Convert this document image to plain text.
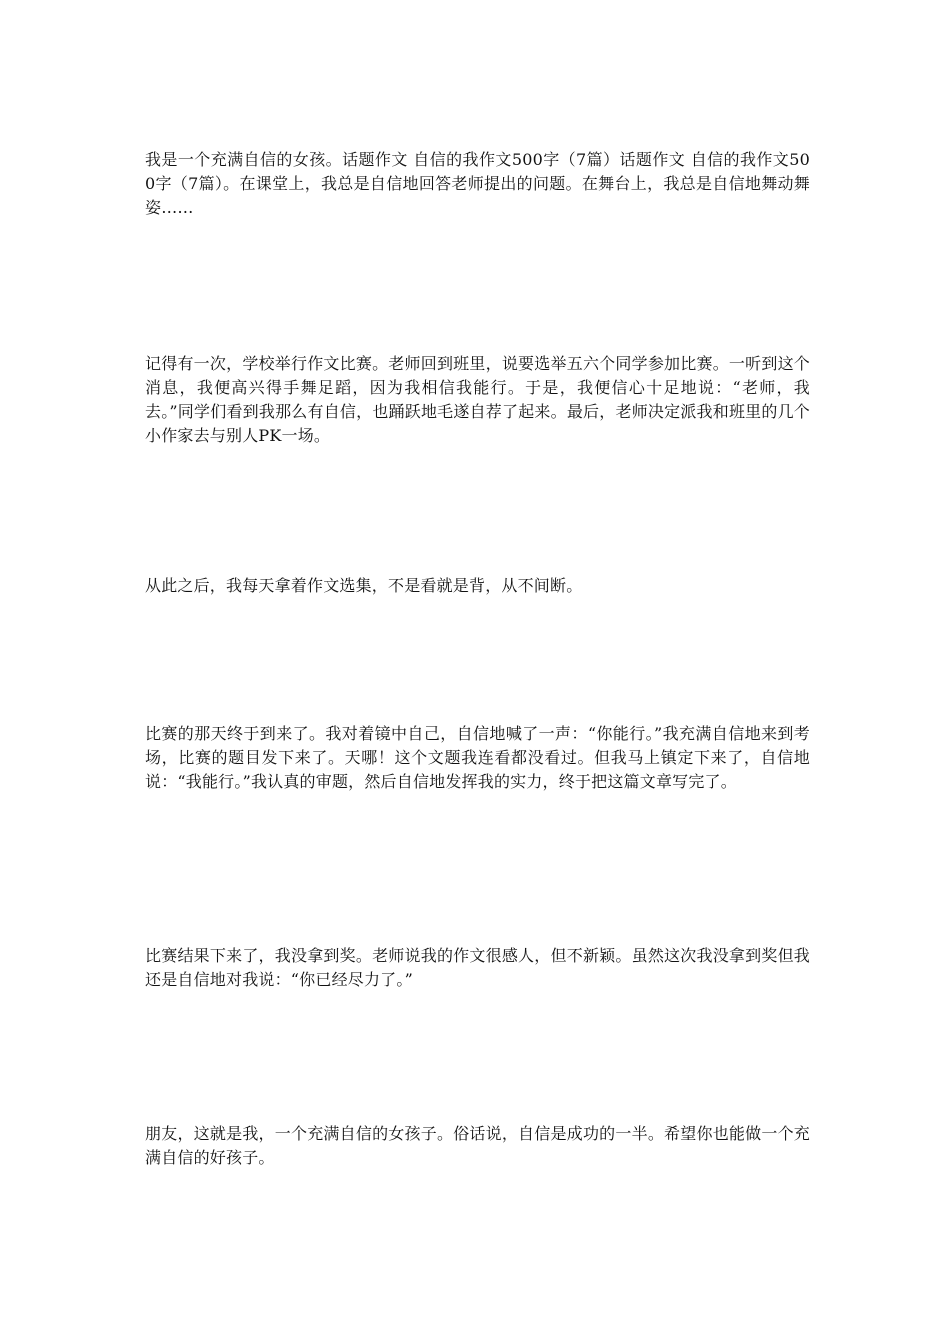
我是一个充满自信的女孩。话题作文 自信的我作文500字（7篇）话题作文 自信的我作文500字（7篇）。在课堂上，我总是自信地回答老师提出的问题。在舞台上，我总是自信地舞动舞姿……

记得有一次，学校举行作文比赛。老师回到班里，说要选举五六个同学参加比赛。一听到这个消息，我便高兴得手舞足蹈，因为我相信我能行。于是，我便信心十足地说：“老师，我去。”同学们看到我那么有自信，也踊跃地毛遂自荐了起来。最后，老师决定派我和班里的几个小作家去与别人PK一场。

从此之后，我每天拿着作文选集，不是看就是背，从不间断。

比赛的那天终于到来了。我对着镜中自己，自信地喊了一声：“你能行。”我充满自信地来到考场，比赛的题目发下来了。天哪！这个文题我连看都没看过。但我马上镇定下来了，自信地说：“我能行。”我认真的审题，然后自信地发挥我的实力，终于把这篇文章写完了。

比赛结果下来了，我没拿到奖。老师说我的作文很感人，但不新颖。虽然这次我没拿到奖但我还是自信地对我说：“你已经尽力了。”

朋友，这就是我，一个充满自信的女孩子。俗话说，自信是成功的一半。希望你也能做一个充满自信的好孩子。
